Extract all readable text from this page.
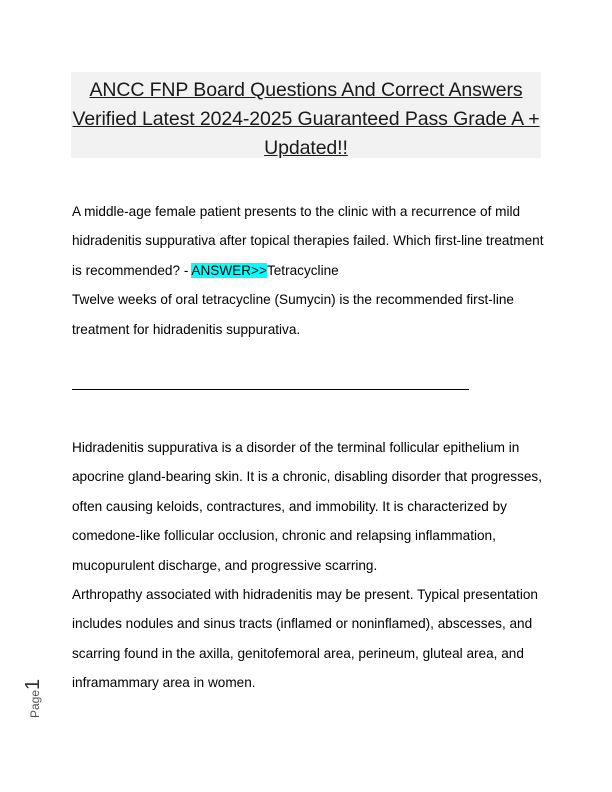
ANCC FNP Board Questions And Correct Answers Verified Latest 2024-2025 Guaranteed Pass Grade A + Updated!!

A middle-age female patient presents to the clinic with a recurrence of mild hidradenitis suppurativa after topical therapies failed. Which first-line treatment is recommended? - ANSWER>>Tetracycline

Twelve weeks of oral tetracycline (Sumycin) is the recommended first-line treatment for hidradenitis suppurativa.

Hidradenitis suppurativa is a disorder of the terminal follicular epithelium in apocrine gland-bearing skin. It is a chronic, disabling disorder that progresses, often causing keloids, contractures, and immobility. It is characterized by comedone-like follicular occlusion, chronic and relapsing inflammation, mucopurulent discharge, and progressive scarring.

Arthropathy associated with hidradenitis may be present. Typical presentation includes nodules and sinus tracts (inflamed or noninflamed), abscesses, and scarring found in the axilla, genitofemoral area, perineum, gluteal area, and inframammary area in women.

Page1
